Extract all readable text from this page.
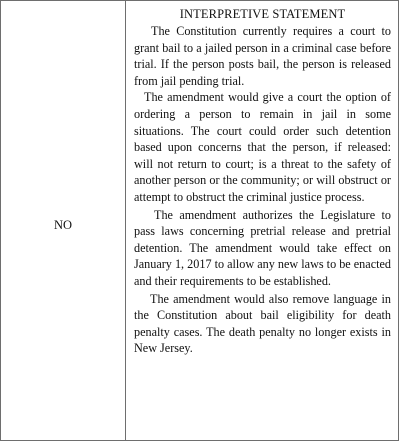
NO
INTERPRETIVE STATEMENT

The Constitution currently requires a court to grant bail to a jailed person in a criminal case before trial. If the person posts bail, the person is released from jail pending trial.

The amendment would give a court the option of ordering a person to remain in jail in some situations. The court could order such detention based upon concerns that the person, if released: will not return to court; is a threat to the safety of another person or the community; or will obstruct or attempt to obstruct the criminal justice process.

The amendment authorizes the Legislature to pass laws concerning pretrial release and pretrial detention. The amendment would take effect on January 1, 2017 to allow any new laws to be enacted and their requirements to be established.

The amendment would also remove language in the Constitution about bail eligibility for death penalty cases. The death penalty no longer exists in New Jersey.
